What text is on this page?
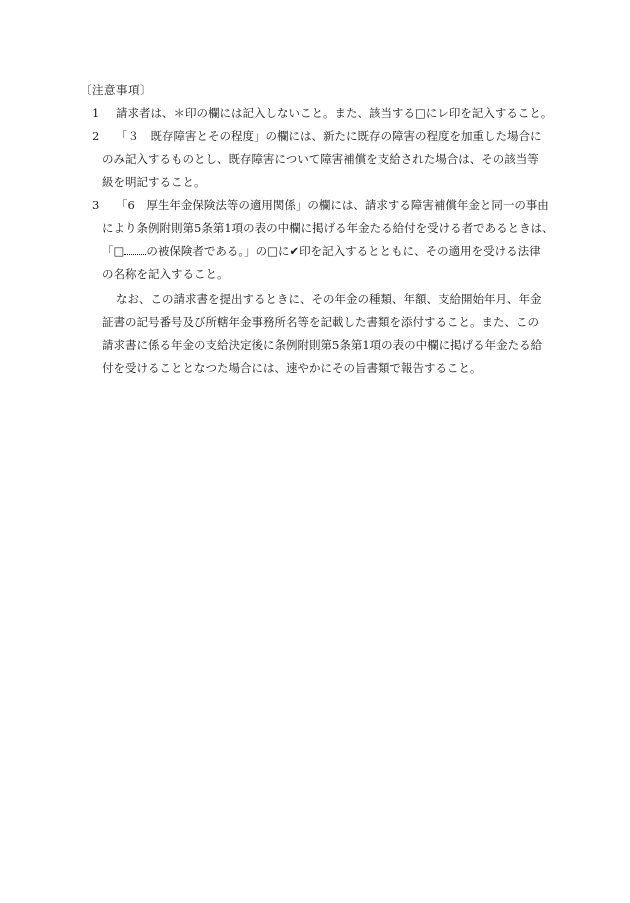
〔注意事項〕
1 請求者は、＊印の欄には記入しないこと。また、該当する□にレ印を記入すること。
2 「３　既存障害とその程度」の欄には、新たに既存の障害の程度を加重した場合に
のみ記入するものとし、既存障害について障害補償を支給された場合は、その該当等
級を明記すること。
3 「6　厚生年金保険法等の適用関係」の欄には、請求する障害補償年金と同一の事由
により条例附則第5条第1項の表の中欄に掲げる年金たる給付を受ける者であるときは、
「□ の被保険者である。」の□に✔印を記入するとともに、その適用を受ける法律
の名称を記入すること。
なお、この請求書を提出するときに、その年金の種類、年額、支給開始年月、年金
証書の記号番号及び所轄年金事務所名等を記載した書類を添付すること。また、この
請求書に係る年金の支給決定後に条例附則第5条第1項の表の中欄に掲げる年金たる給
付を受けることとなつた場合には、速やかにその旨書類で報告すること。
